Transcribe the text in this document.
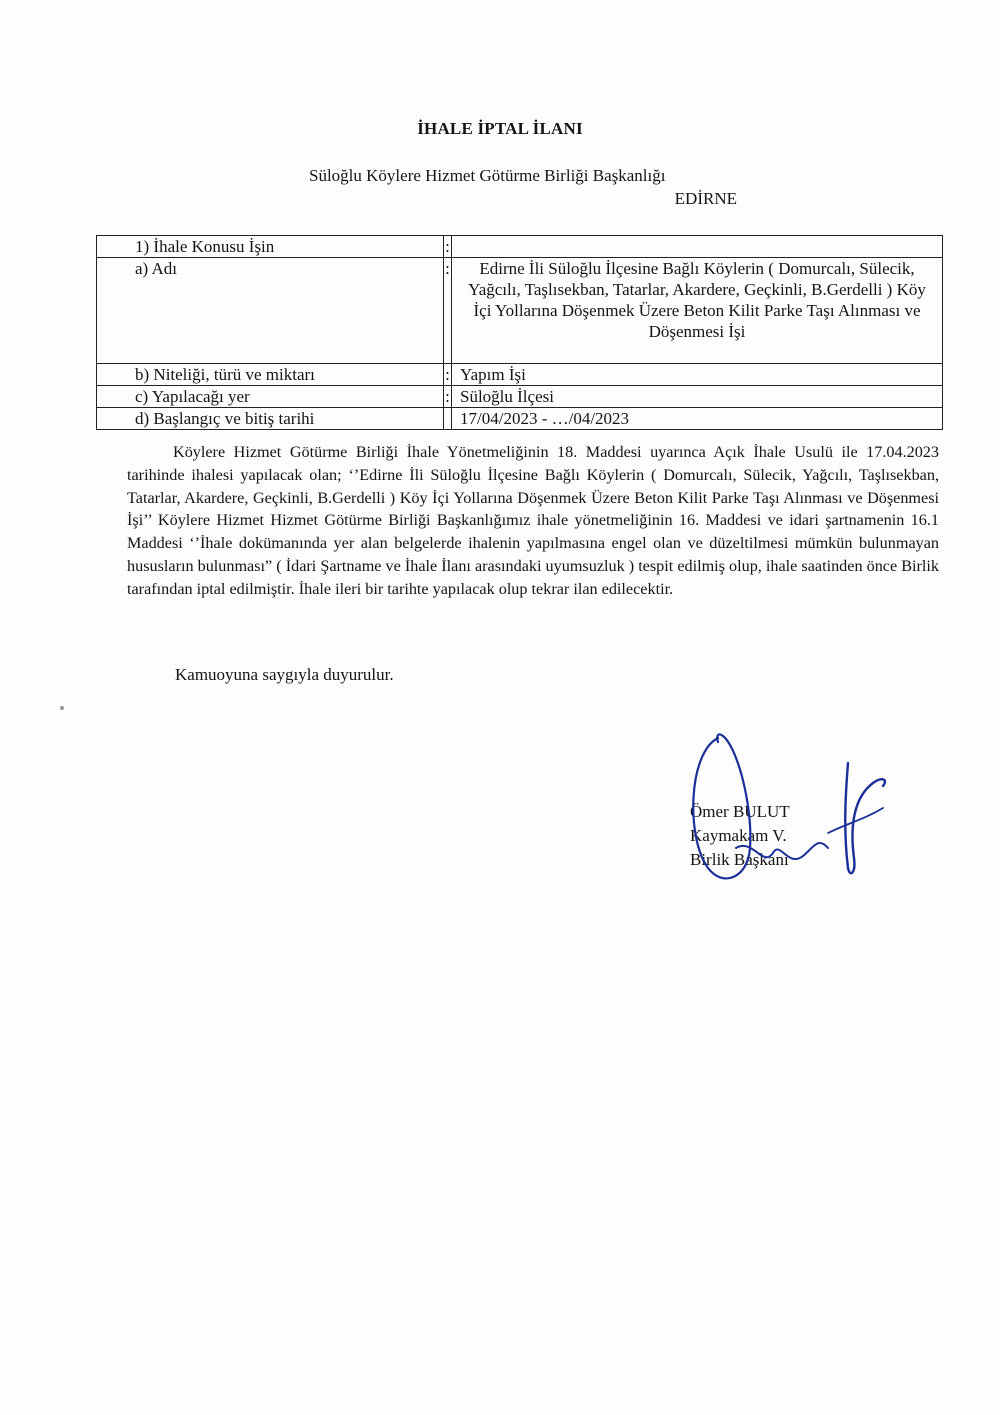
İHALE İPTAL İLANI
Süloğlu Köylere Hizmet Götürme Birliği Başkanlığı
EDİRNE
1) İhale Konusu İşin	:	
a) Adı	:	Edirne İli Süloğlu İlçesine Bağlı Köylerin ( Domurcalı, Sülecik, Yağcılı, Taşlısekban, Tatarlar, Akardere, Geçkinli, B.Gerdelli ) Köy İçi Yollarına Döşenmek Üzere Beton Kilit Parke Taşı Alınması ve Döşenmesi İşi
b) Niteliği, türü ve miktarı	:	Yapım İşi
c) Yapılacağı yer	:	Süloğlu İlçesi
d) Başlangıç ve bitiş tarihi		17/04/2023 - …/04/2023
Köylere Hizmet Götürme Birliği İhale Yönetmeliğinin 18. Maddesi uyarınca Açık İhale Usulü ile 17.04.2023 tarihinde ihalesi yapılacak olan; ‘’Edirne İli Süloğlu İlçesine Bağlı Köylerin ( Domurcalı, Sülecik, Yağcılı, Taşlısekban, Tatarlar, Akardere, Geçkinli, B.Gerdelli ) Köy İçi Yollarına Döşenmek Üzere Beton Kilit Parke Taşı Alınması ve Döşenmesi İşi’’ Köylere Hizmet Hizmet Götürme Birliği Başkanlığımız ihale yönetmeliğinin 16. Maddesi ve idari şartnamenin 16.1 Maddesi ‘’İhale dokümanında yer alan belgelerde ihalenin yapılmasına engel olan ve düzeltilmesi mümkün bulunmayan hususların bulunması” ( İdari Şartname ve İhale İlanı arasındaki uyumsuzluk ) tespit edilmiş olup, ihale saatinden önce Birlik tarafından iptal edilmiştir. İhale ileri bir tarihte yapılacak olup tekrar ilan edilecektir.
Kamuoyuna saygıyla duyurulur.
Ömer BULUT
Kaymakam V.
Birlik Başkanı
